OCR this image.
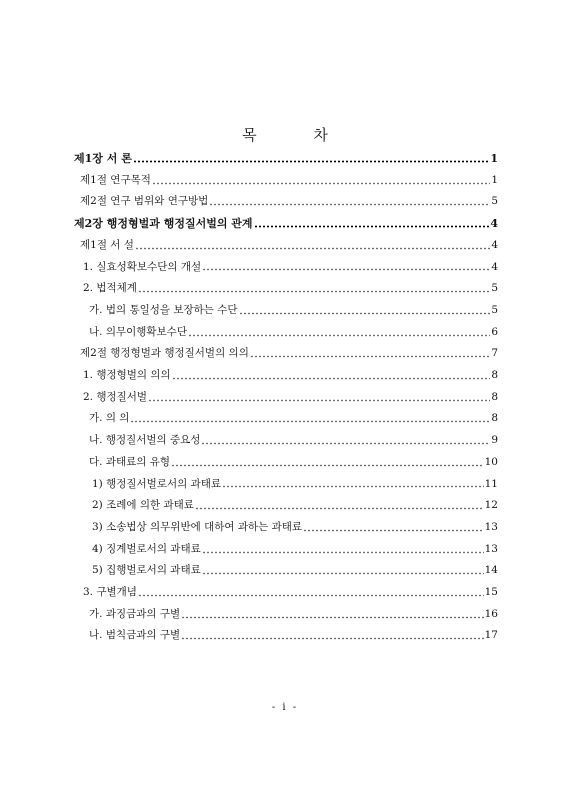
목 차
제1장 서 론	1
제1절 연구목적	1
제2절 연구 범위와 연구방법	5
제2장 행정형벌과 행정질서벌의 관계	4
제1절 서 설	4
1. 실효성확보수단의 개설	4
2. 법적체계	5
가. 법의 통일성을 보장하는 수단	5
나. 의무이행확보수단	6
제2절 행정형벌과 행정질서벌의 의의	7
1. 행정형벌의 의의	8
2. 행정질서벌	8
가. 의 의	8
나. 행정질서벌의 중요성	9
다. 과태료의 유형	10
1) 행정질서벌로서의 과태료	11
2) 조례에 의한 과태료	12
3) 소송법상 의무위반에 대하여 과하는 과태료	13
4) 징계벌로서의 과태료	13
5) 집행벌로서의 과태료	14
3. 구별개념	15
가. 과징금과의 구별	16
나. 범칙금과의 구별	17
- i -
